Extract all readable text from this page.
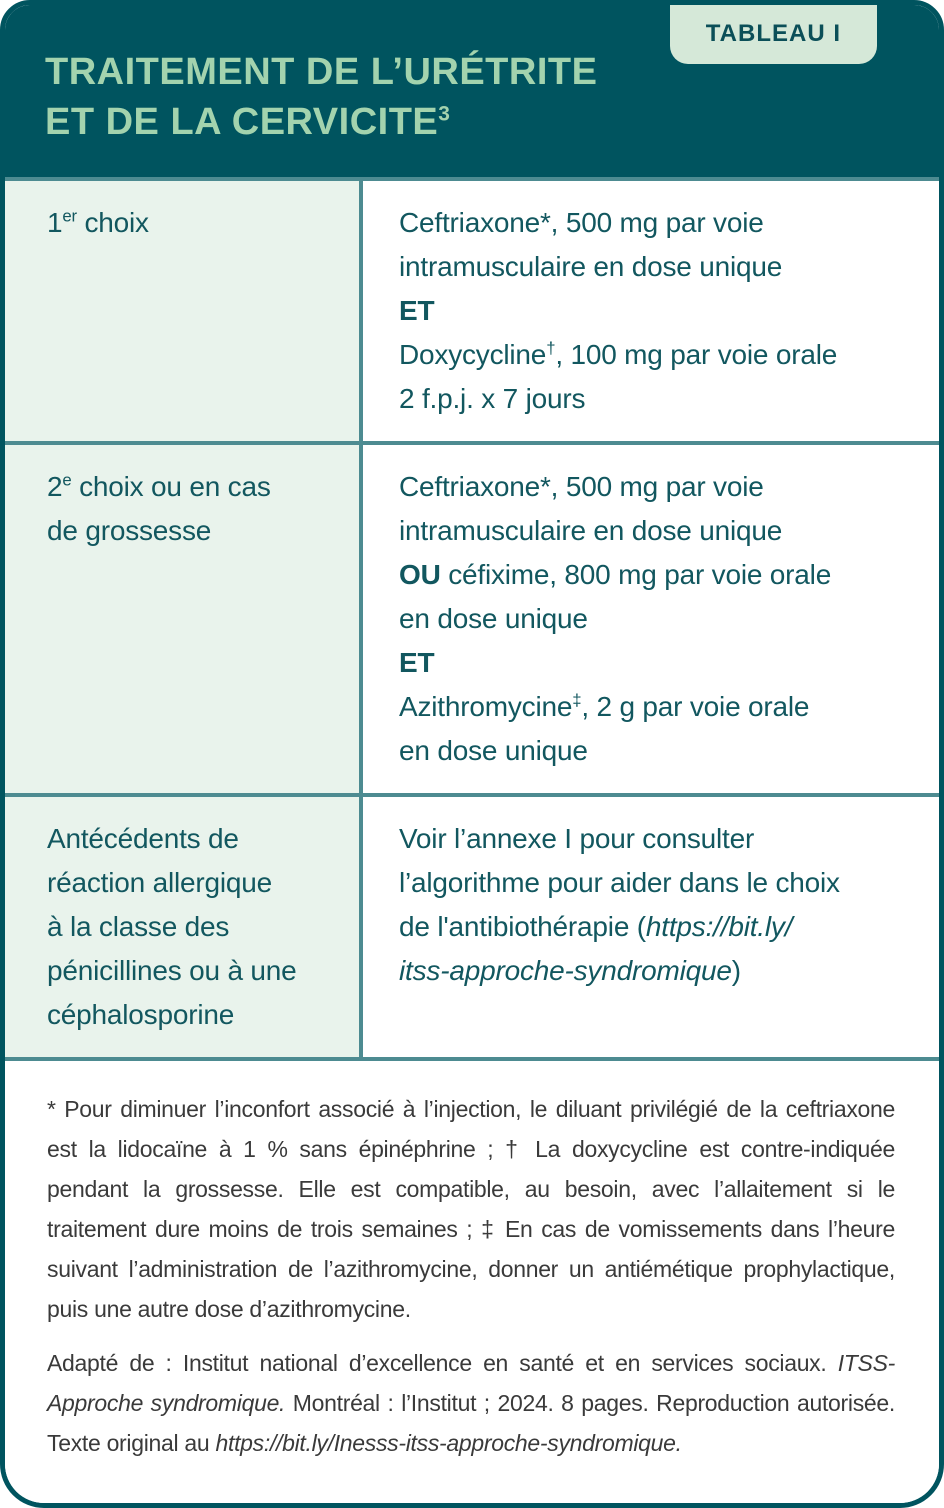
TABLEAU I
TRAITEMENT DE L’URÉTRITE
ET DE LA CERVICITE$^3$
1er choix	Ceftriaxone*, 500 mg par voie
intramusculaire en dose unique

ET

Doxycycline†, 100 mg par voie orale
2 f.p.j. x 7 jours

2e choix ou en cas
de grossesse

Ceftriaxone*, 500 mg par voie
intramusculaire en dose unique
OU céfixime, 800 mg par voie orale
en dose unique

ET

Azithromycine‡, 2 g par voie orale
en dose unique

Antécédents de
réaction allergique
à la classe des
pénicillines ou à une
céphalosporine

Voir l’annexe I pour consulter
l’algorithme pour aider dans le choix
de l'antibiothérapie (https://bit.ly/
itss-approche-syndromique)

* Pour diminuer l’inconfort associé à l’injection, le diluant privilégié de la ceftriaxone est la lidocaïne à 1 % sans épinéphrine ; † La doxycycline est contre-indiquée pendant la grossesse. Elle est compatible, au besoin, avec l’allaitement si le traitement dure moins de trois semaines ; ‡ En cas de vomissements dans l’heure suivant l’administration de l’azithromycine, donner un antiémétique prophylactique, puis une autre dose d’azithromycine.

Adapté de : Institut national d’excellence en santé et en services sociaux. ITSS-Approche syndromique. Montréal : l’Institut ; 2024. 8 pages. Reproduction autorisée. Texte original au https://bit.ly/Inesss-itss-approche-syndromique.
